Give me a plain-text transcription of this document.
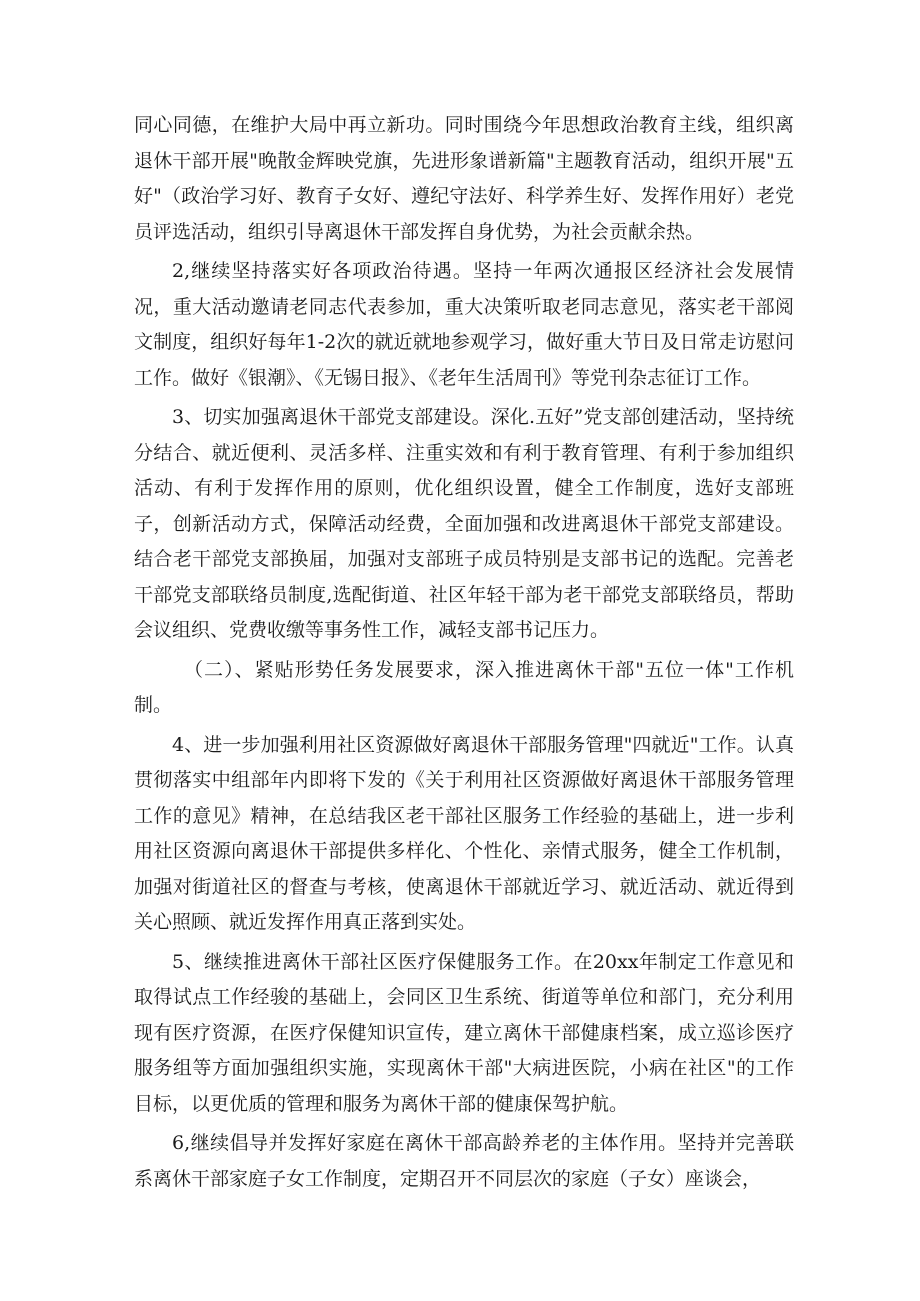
同心同德，在维护大局中再立新功。同时围绕今年思想政治教育主线，组织离退休干部开展"晚散金辉映党旗，先进形象谱新篇"主题教育活动，组织开展"五好"（政治学习好、教育子女好、遵纪守法好、科学养生好、发挥作用好）老党员评选活动，组织引导离退休干部发挥自身优势，为社会贡献余热。

2,继续坚持落实好各项政治待遇。坚持一年两次通报区经济社会发展情况，重大活动邀请老同志代表参加，重大决策听取老同志意见，落实老干部阅文制度，组织好每年1-2次的就近就地参观学习，做好重大节日及日常走访慰问工作。做好《银潮》、《无锡日报》、《老年生活周刊》等党刊杂志征订工作。

3、切实加强离退休干部党支部建设。深化.五好”党支部创建活动，坚持统分结合、就近便利、灵活多样、注重实效和有利于教育管理、有利于参加组织活动、有利于发挥作用的原则，优化组织设置，健全工作制度，选好支部班子，创新活动方式，保障活动经费，全面加强和改进离退休干部党支部建设。结合老干部党支部换届，加强对支部班子成员特别是支部书记的选配。完善老干部党支部联络员制度,选配街道、社区年轻干部为老干部党支部联络员，帮助会议组织、党费收缴等事务性工作，减轻支部书记压力。

（二）、紧贴形势任务发展要求，深入推进离休干部"五位一体"工作机制。

4、进一步加强利用社区资源做好离退休干部服务管理"四就近"工作。认真贯彻落实中组部年内即将下发的《关于利用社区资源做好离退休干部服务管理工作的意见》精神，在总结我区老干部社区服务工作经验的基础上，进一步利用社区资源向离退休干部提供多样化、个性化、亲情式服务，健全工作机制，加强对街道社区的督查与考核，使离退休干部就近学习、就近活动、就近得到关心照顾、就近发挥作用真正落到实处。

5、继续推进离休干部社区医疗保健服务工作。在20xx年制定工作意见和取得试点工作经骏的基础上，会同区卫生系统、街道等单位和部门，充分利用现有医疗资源，在医疗保健知识宣传，建立离休干部健康档案，成立巡诊医疗服务组等方面加强组织实施，实现离休干部"大病进医院，小病在社区"的工作目标，以更优质的管理和服务为离休干部的健康保驾护航。

6,继续倡导并发挥好家庭在离休干部高龄养老的主体作用。坚持并完善联系离休干部家庭子女工作制度，定期召开不同层次的家庭（子女）座谈会，
